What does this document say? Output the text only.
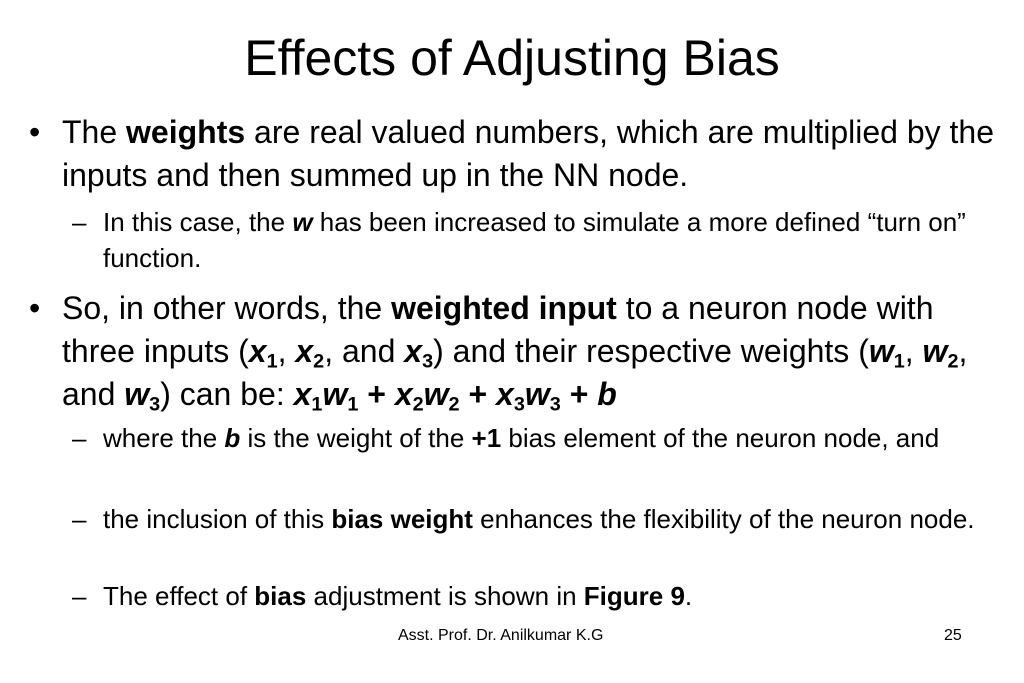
Effects of Adjusting Bias
• The weights are real valued numbers, which are multiplied by the inputs and then summed up in the NN node.
– In this case, the w has been increased to simulate a more defined “turn on” function.
• So, in other words, the weighted input to a neuron node with three inputs ($x_1$, $x_2$, and $x_3$) and their respective weights ($w_1$, $w_2$, and $w_3$) can be: $x_1w_1 + x_2w_2 + x_3w_3 + b$
– where the b is the weight of the +1 bias element of the neuron node, and
– the inclusion of this bias weight enhances the flexibility of the neuron node.
– The effect of bias adjustment is shown in Figure 9.
Asst. Prof. Dr. Anilkumar K.G	25
